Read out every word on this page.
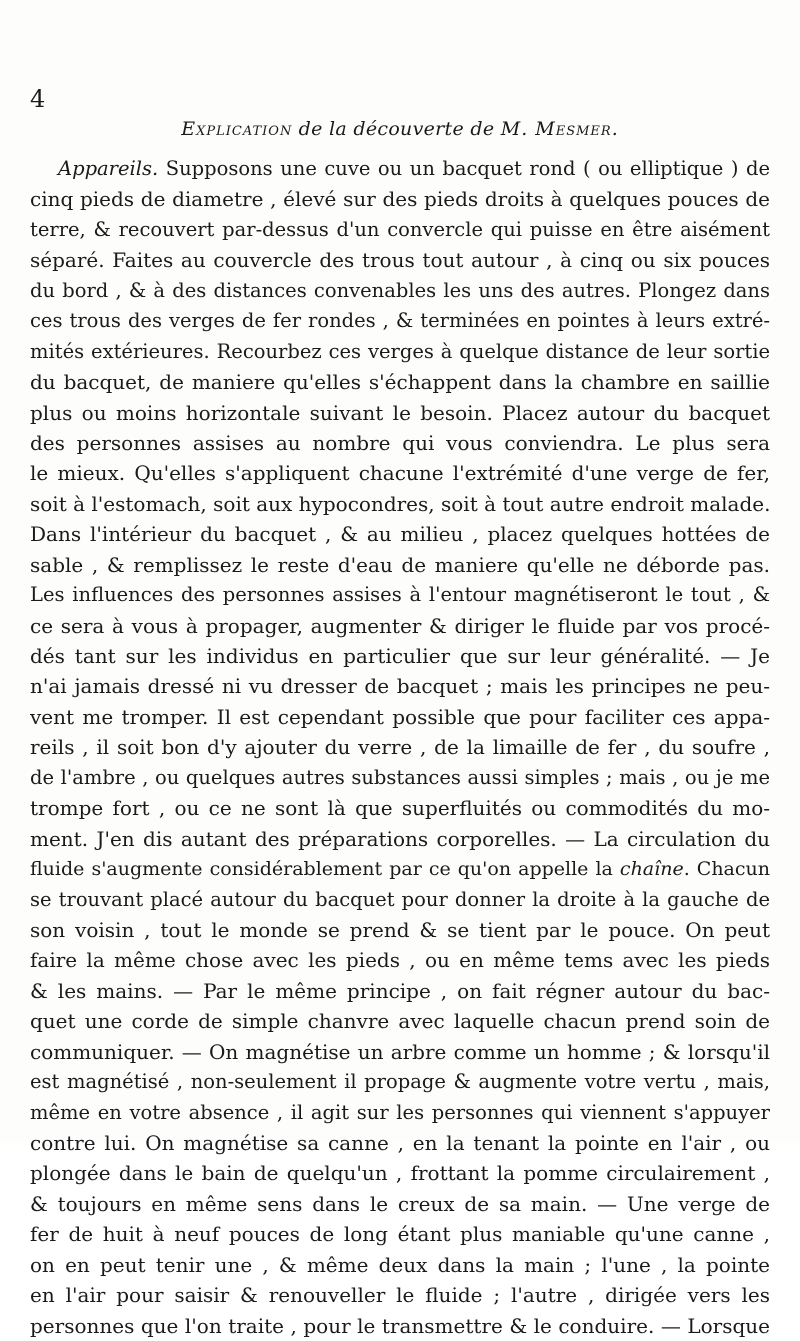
4
Explication de la découverte de M. Mesmer.
Appareils. Supposons une cuve ou un bacquet rond ( ou elliptique ) de
cinq pieds de diametre , élevé sur des pieds droits à quelques pouces de
terre, & recouvert par-dessus d'un convercle qui puisse en être aisément
séparé. Faites au couvercle des trous tout autour , à cinq ou six pouces
du bord , & à des distances convenables les uns des autres. Plongez dans
ces trous des verges de fer rondes , & terminées en pointes à leurs extré-
mités extérieures. Recourbez ces verges à quelque distance de leur sortie
du bacquet, de maniere qu'elles s'échappent dans la chambre en saillie
plus ou moins horizontale suivant le besoin. Placez autour du bacquet
des personnes assises au nombre qui vous conviendra. Le plus sera
le mieux. Qu'elles s'appliquent chacune l'extrémité d'une verge de fer,
soit à l'estomach, soit aux hypocondres, soit à tout autre endroit malade.
Dans l'intérieur du bacquet , & au milieu , placez quelques hottées de
sable , & remplissez le reste d'eau de maniere qu'elle ne déborde pas.
Les influences des personnes assises à l'entour magnétiseront le tout , &
ce sera à vous à propager, augmenter & diriger le fluide par vos procé-
dés tant sur les individus en particulier que sur leur généralité. — Je
n'ai jamais dressé ni vu dresser de bacquet ; mais les principes ne peu-
vent me tromper. Il est cependant possible que pour faciliter ces appa-
reils , il soit bon d'y ajouter du verre , de la limaille de fer , du soufre ,
de l'ambre , ou quelques autres substances aussi simples ; mais , ou je me
trompe fort , ou ce ne sont là que superfluités ou commodités du mo-
ment. J'en dis autant des préparations corporelles. — La circulation du
fluide s'augmente considérablement par ce qu'on appelle la chaîne. Chacun
se trouvant placé autour du bacquet pour donner la droite à la gauche de
son voisin , tout le monde se prend & se tient par le pouce. On peut
faire la même chose avec les pieds , ou en même tems avec les pieds
& les mains. — Par le même principe , on fait régner autour du bac-
quet une corde de simple chanvre avec laquelle chacun prend soin de
communiquer. — On magnétise un arbre comme un homme ; & lorsqu'il
est magnétisé , non-seulement il propage & augmente votre vertu , mais,
même en votre absence , il agit sur les personnes qui viennent s'appuyer
contre lui. On magnétise sa canne , en la tenant la pointe en l'air , ou
plongée dans le bain de quelqu'un , frottant la pomme circulairement ,
& toujours en même sens dans le creux de sa main. — Une verge de
fer de huit à neuf pouces de long étant plus maniable qu'une canne ,
on en peut tenir une , & même deux dans la main ; l'une , la pointe
en l'air pour saisir & renouveller le fluide ; l'autre , dirigée vers les
personnes que l'on traite , pour le transmettre & le conduire. — Lorsque
